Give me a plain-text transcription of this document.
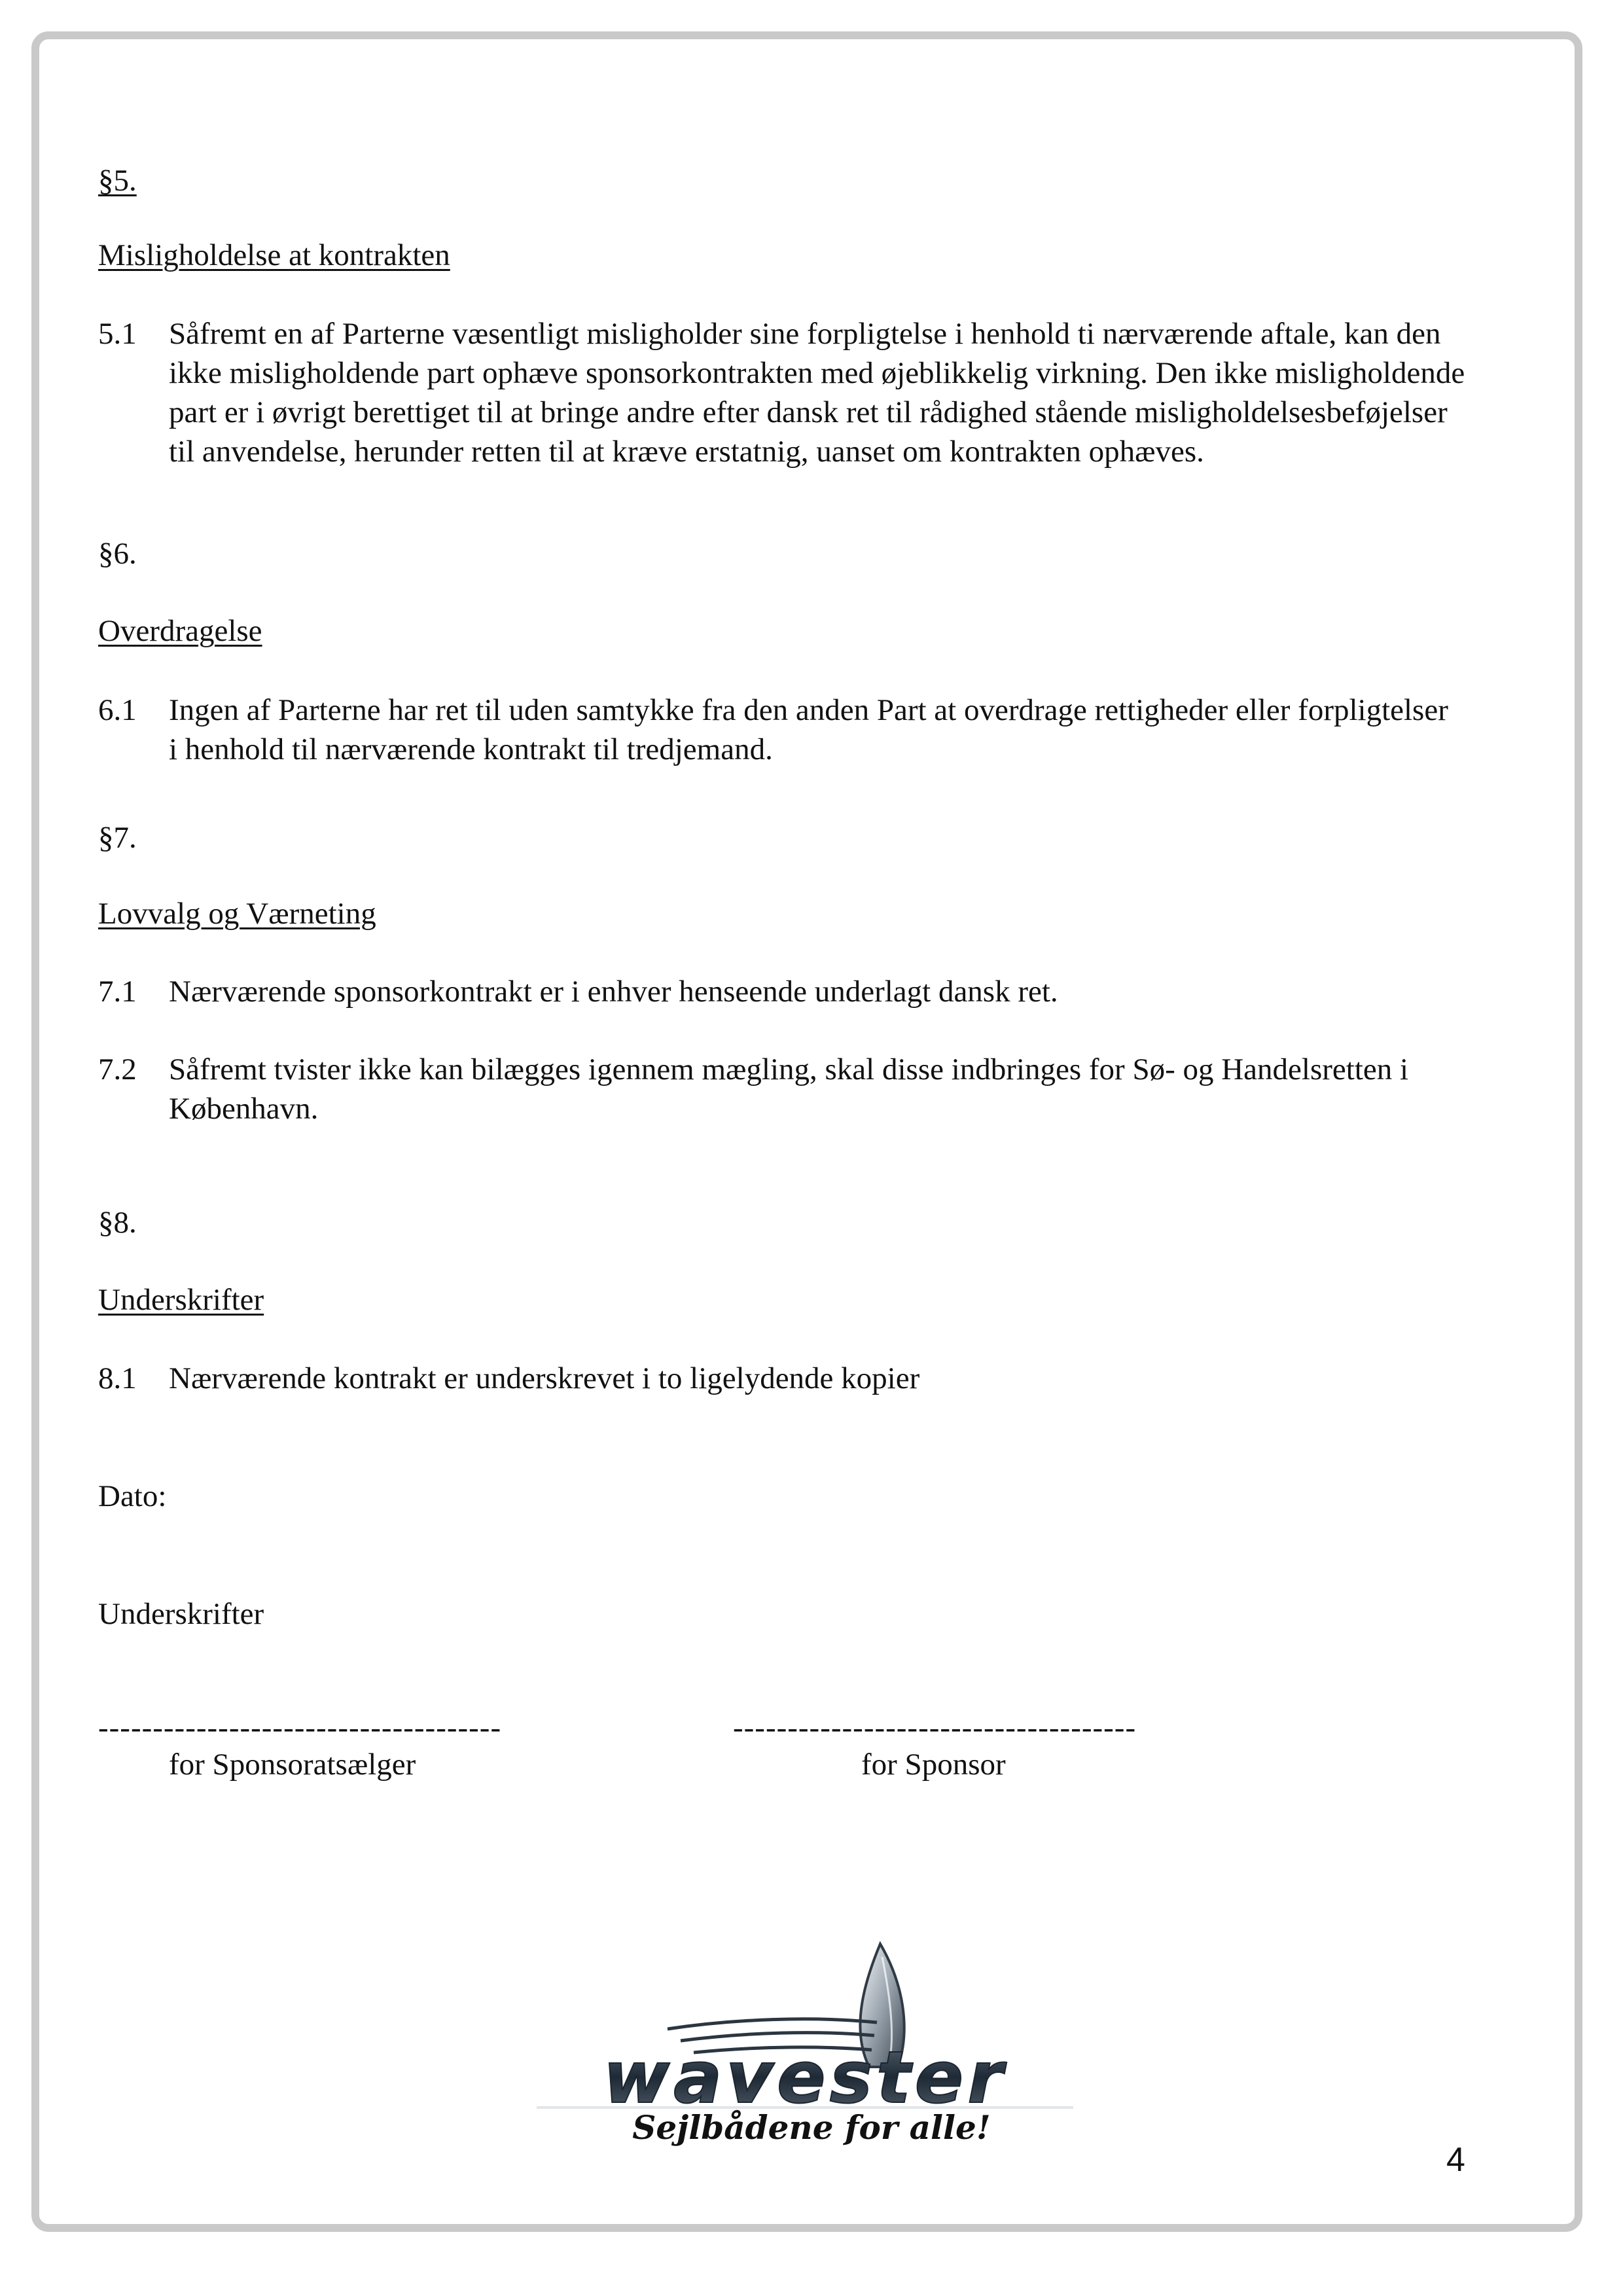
§5.
Misligholdelse at kontrakten
5.1 Såfremt en af Parterne væsentligt misligholder sine forpligtelse i henhold ti nærværende aftale, kan den
ikke misligholdende part ophæve sponsorkontrakten med øjeblikkelig virkning. Den ikke misligholdende
part er i øvrigt berettiget til at bringe andre efter dansk ret til rådighed stående misligholdelsesbeføjelser
til anvendelse, herunder retten til at kræve erstatnig, uanset om kontrakten ophæves.
§6.
Overdragelse
6.1 Ingen af Parterne har ret til uden samtykke fra den anden Part at overdrage rettigheder eller forpligtelser
i henhold til nærværende kontrakt til tredjemand.
§7.
Lovvalg og Værneting
7.1 Nærværende sponsorkontrakt er i enhver henseende underlagt dansk ret.
7.2 Såfremt tvister ikke kan bilægges igennem mægling, skal disse indbringes for Sø- og Handelsretten i
København.
§8.
Underskrifter
8.1 Nærværende kontrakt er underskrevet i to ligelydende kopier
Dato:
Underskrifter
-------------------------------------	-------------------------------------
for Sponsoratsælger	for Sponsor
wavester
Sejlbådene for alle!
4
